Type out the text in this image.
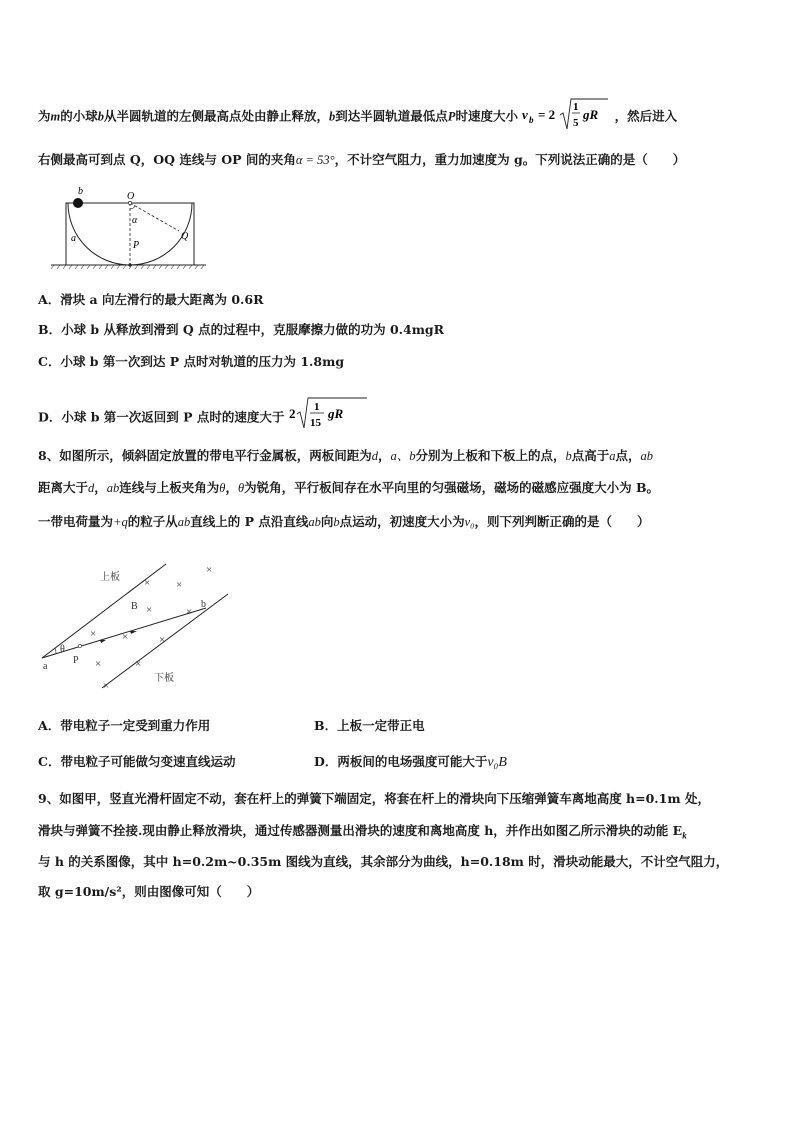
为m的小球b从半圆轨道的左侧最高点处由静止释放，b到达半圆轨道最低点P时速度大小 v b = 2 1
5
gR ，然后进入
右侧最高可到点 Q，OQ 连线与 OP 间的夹角α = 53°，不计空气阻力，重力加速度为 g。下列说法正确的是（　　）
b	O
α
Q
a
P
A．滑块 a 向左滑行的最大距离为 0.6R
B．小球 b 从释放到滑到 Q 点的过程中，克服摩擦力做的功为 0.4mgR
C．小球 b 第一次到达 P 点时对轨道的压力为 1.8mg
D．小球 b 第一次返回到 P 点时的速度大于 2 1
15
gR
8、如图所示，倾斜固定放置的带电平行金属板，两板间距为d，a、b分别为上板和下板上的点，b点高于a点，ab
距离大于d，ab连线与上板夹角为θ，θ为锐角，平行板间存在水平向里的匀强磁场，磁场的磁感应强度大小为 B。
一带电荷量为+q的粒子从ab直线上的 P 点沿直线ab向b点运动，初速度大小为v₀，则下列判断正确的是（　　）
× ×
×
×	×
×
×	×
×	×
×
上板
下板
B	b
a
P
θ
A．带电粒子一定受到重力作用	B．上板一定带正电
C．带电粒子可能做匀变速直线运动	D．两板间的电场强度可能大于v₀B
9、如图甲，竖直光滑杆固定不动，套在杆上的弹簧下端固定，将套在杆上的滑块向下压缩弹簧车离地高度 h=0.1m 处，
滑块与弹簧不拴接.现由静止释放滑块，通过传感器测量出滑块的速度和离地高度 h，并作出如图乙所示滑块的动能 $E_k$
与 h 的关系图像，其中 h=0.2m~0.35m 图线为直线，其余部分为曲线，h=0.18m 时，滑块动能最大，不计空气阻力，
取 g=10m/s²，则由图像可知（　　）
